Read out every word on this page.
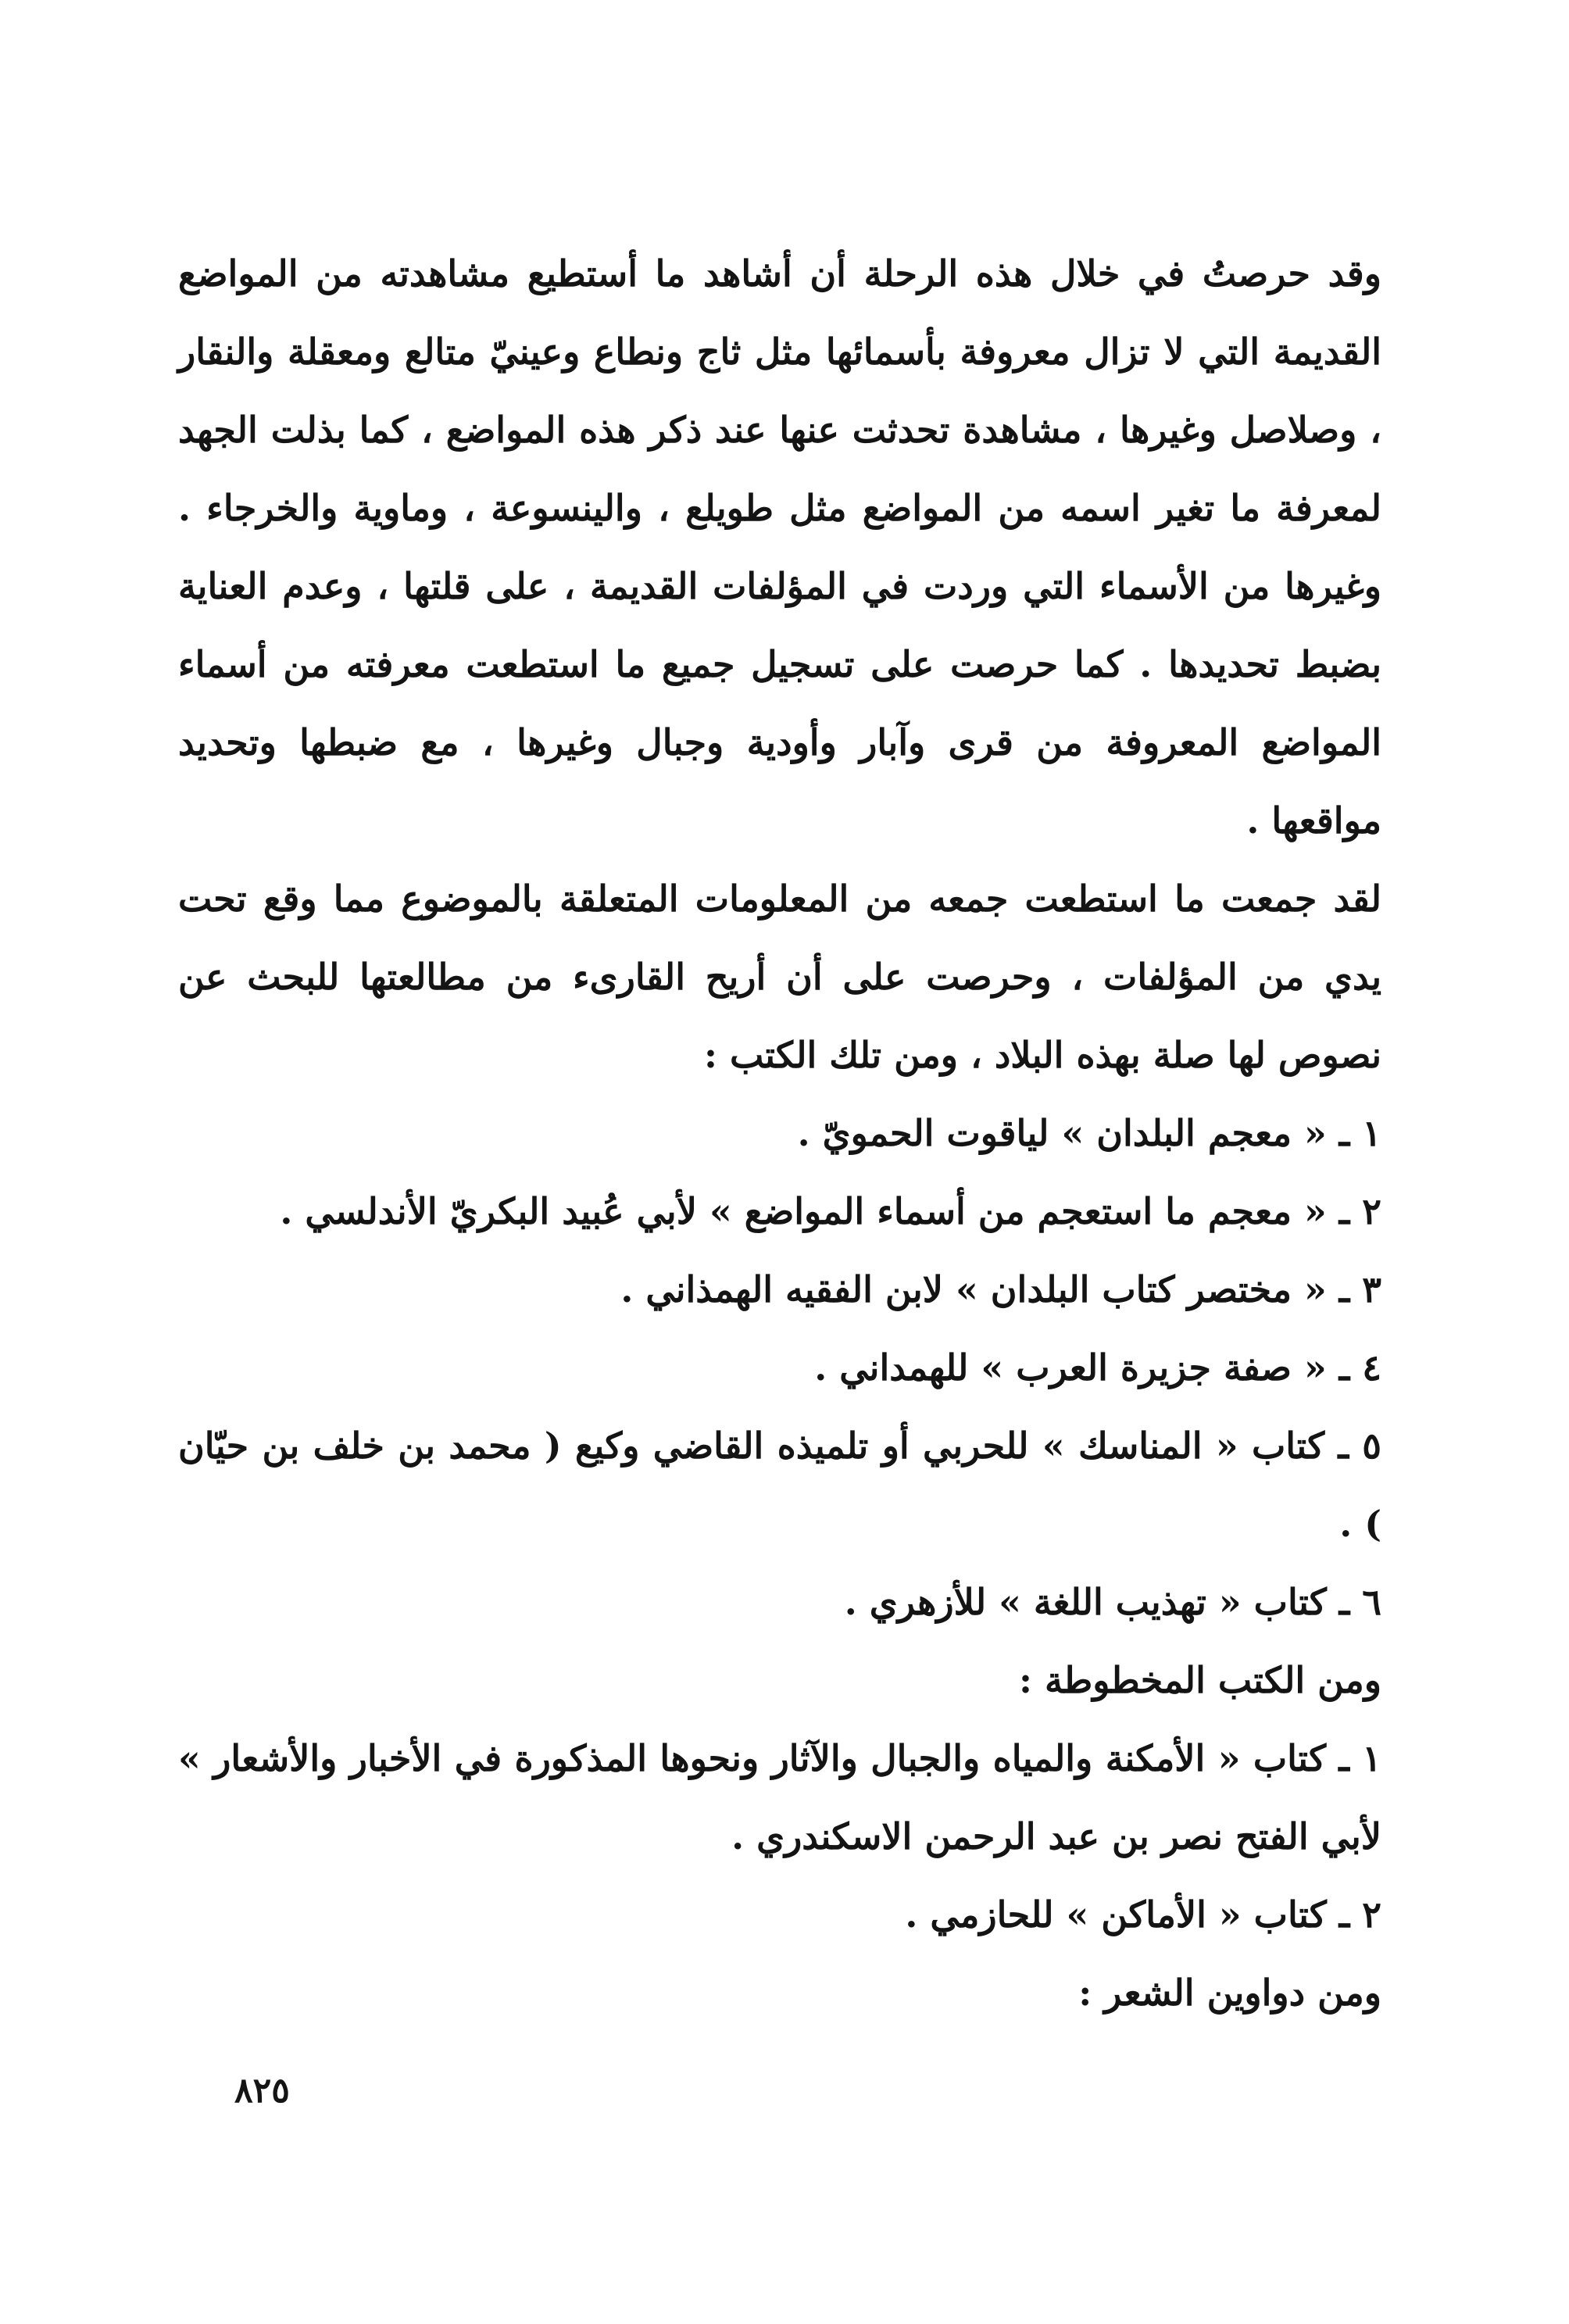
وقد حرصتُ في خلال هذه الرحلة أن أشاهد ما أستطيع مشاهدته من المواضع القديمة التي لا تزال معروفة بأسمائها مثل ثاج ونطاع وعينيّ متالع ومعقلة والنقار ، وصلاصل وغيرها ، مشاهدة تحدثت عنها عند ذكر هذه المواضع ، كما بذلت الجهد لمعرفة ما تغير اسمه من المواضع مثل طويلع ، والينسوعة ، وماوية والخرجاء . وغيرها من الأسماء التي وردت في المؤلفات القديمة ، على قلتها ، وعدم العناية بضبط تحديدها . كما حرصت على تسجيل جميع ما استطعت معرفته من أسماء المواضع المعروفة من قرى وآبار وأودية وجبال وغيرها ، مع ضبطها وتحديد مواقعها .

لقد جمعت ما استطعت جمعه من المعلومات المتعلقة بالموضوع مما وقع تحت يدي من المؤلفات ، وحرصت على أن أريح القارىء من مطالعتها للبحث عن نصوص لها صلة بهذه البلاد ، ومن تلك الكتب :

١ ـ « معجم البلدان » لياقوت الحمويّ .
٢ ـ « معجم ما استعجم من أسماء المواضع » لأبي عُبيد البكريّ الأندلسي .
٣ ـ « مختصر كتاب البلدان » لابن الفقيه الهمذاني .
٤ ـ « صفة جزيرة العرب » للهمداني .
٥ ـ كتاب « المناسك » للحربي أو تلميذه القاضي وكيع ( محمد بن خلف بن حيّان ) .
٦ ـ كتاب « تهذيب اللغة » للأزهري .
ومن الكتب المخطوطة :
١ ـ كتاب « الأمكنة والمياه والجبال والآثار ونحوها المذكورة في الأخبار والأشعار » لأبي الفتح نصر بن عبد الرحمن الاسكندري .
٢ ـ كتاب « الأماكن » للحازمي .
ومن دواوين الشعر :
٨٢٥
